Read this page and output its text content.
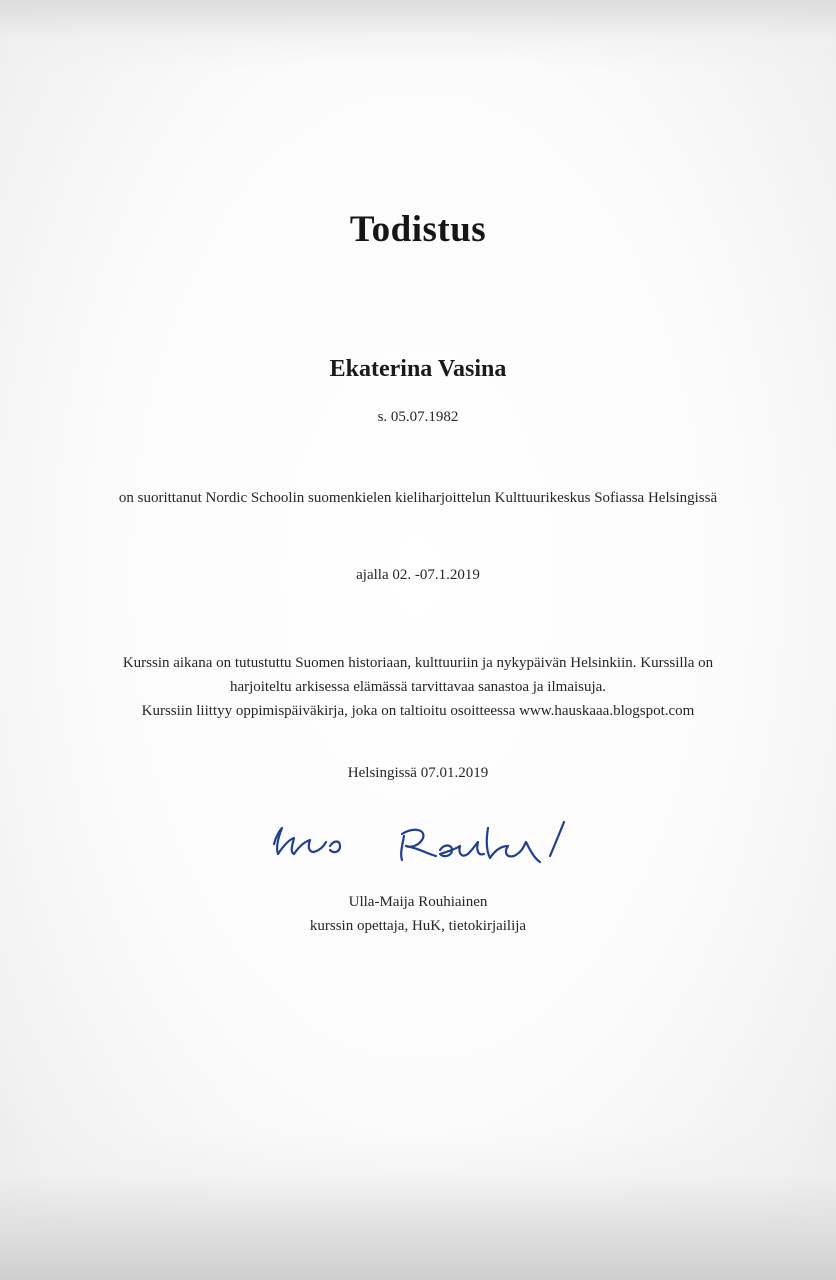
Todistus
Ekaterina Vasina
s. 05.07.1982
on suorittanut Nordic Schoolin suomenkielen kieliharjoittelun Kulttuurikeskus Sofiassa Helsingissä
ajalla 02. -07.1.2019
Kurssin aikana on tutustuttu Suomen historiaan, kulttuuriin ja nykypäivän Helsinkiin. Kurssilla on
harjoiteltu arkisessa elämässä tarvittavaa sanastoa ja ilmaisuja.
Kurssiin liittyy oppimispäiväkirja, joka on taltioitu osoitteessa www.hauskaaa.blogspot.com
Helsingissä 07.01.2019
Ulla-Maija Rouhiainen
kurssin opettaja, HuK, tietokirjailija
